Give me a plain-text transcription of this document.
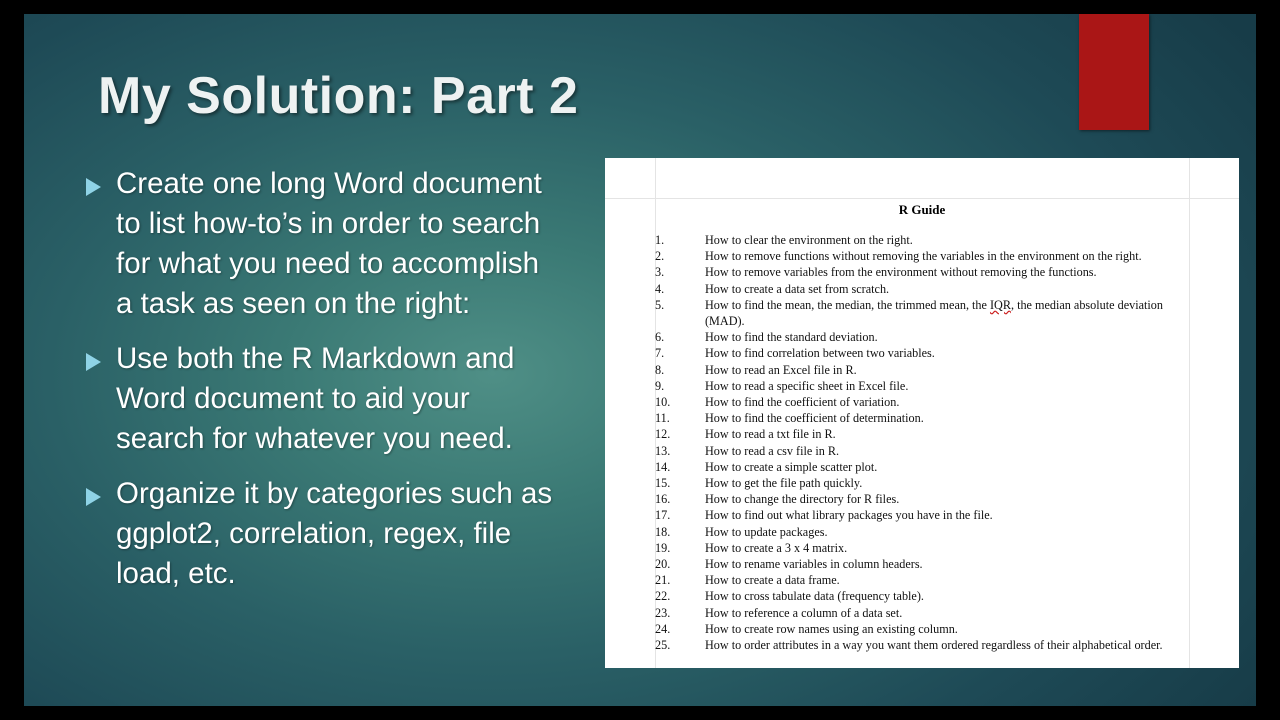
My Solution: Part 2
Create one long Word document to list how-to’s in order to search for what you need to accomplish a task as seen on the right:
Use both the R Markdown and Word document to aid your search for whatever you need.
Organize it by categories such as ggplot2, correlation, regex, file load, etc.
R Guide
1.	How to clear the environment on the right.
2.	How to remove functions without removing the variables in the environment on the right.
3.	How to remove variables from the environment without removing the functions.
4.	How to create a data set from scratch.
5.	How to find the mean, the median, the trimmed mean, the IQR, the median absolute deviation (MAD).
6.	How to find the standard deviation.
7.	How to find correlation between two variables.
8.	How to read an Excel file in R.
9.	How to read a specific sheet in Excel file.
10.	How to find the coefficient of variation.
11.	How to find the coefficient of determination.
12.	How to read a txt file in R.
13.	How to read a csv file in R.
14.	How to create a simple scatter plot.
15.	How to get the file path quickly.
16.	How to change the directory for R files.
17.	How to find out what library packages you have in the file.
18.	How to update packages.
19.	How to create a 3 x 4 matrix.
20.	How to rename variables in column headers.
21.	How to create a data frame.
22.	How to cross tabulate data (frequency table).
23.	How to reference a column of a data set.
24.	How to create row names using an existing column.
25.	How to order attributes in a way you want them ordered regardless of their alphabetical order.
